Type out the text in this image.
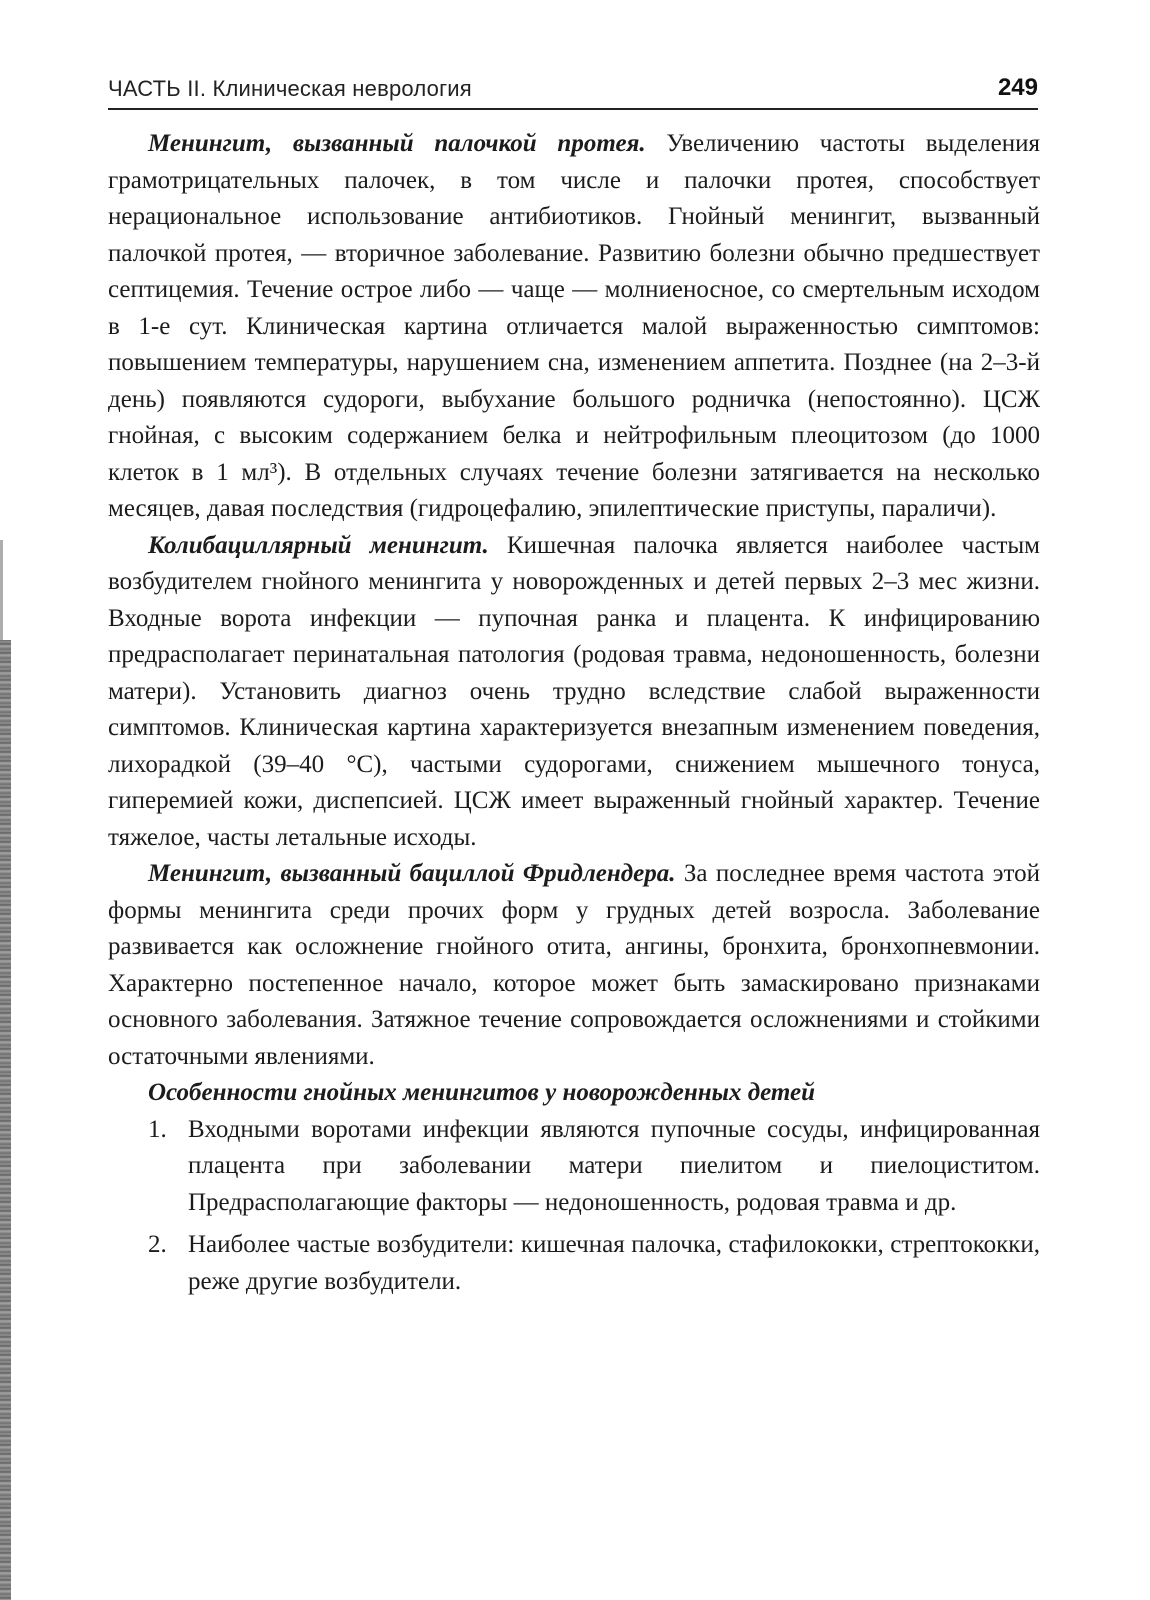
ЧАСТЬ II. Клиническая неврология	249

Менингит, вызванный палочкой протея. Увеличению частоты выделения грамотрицательных палочек, в том числе и палочки протея, способствует нерациональное использование антибиотиков. Гнойный менингит, вызванный палочкой протея, — вторичное заболевание. Развитию болезни обычно предшествует септицемия. Течение острое либо — чаще — молниеносное, со смертельным исходом в 1-е сут. Клиническая картина отличается малой выраженностью симптомов: повышением температуры, нарушением сна, изменением аппетита. Позднее (на 2–3-й день) появляются судороги, выбухание большого родничка (непостоянно). ЦСЖ гнойная, с высоким содержанием белка и нейтрофильным плеоцитозом (до 1000 клеток в 1 мл³). В отдельных случаях течение болезни затягивается на несколько месяцев, давая последствия (гидроцефалию, эпилептические приступы, параличи).

Колибациллярный менингит. Кишечная палочка является наиболее частым возбудителем гнойного менингита у новорожденных и детей первых 2–3 мес жизни. Входные ворота инфекции — пупочная ранка и плацента. К инфицированию предрасполагает перинатальная патология (родовая травма, недоношенность, болезни матери). Установить диагноз очень трудно вследствие слабой выраженности симптомов. Клиническая картина характеризуется внезапным изменением поведения, лихорадкой (39–40 °С), частыми судорогами, снижением мышечного тонуса, гиперемией кожи, диспепсией. ЦСЖ имеет выраженный гнойный характер. Течение тяжелое, часты летальные исходы.

Менингит, вызванный бациллой Фридлендера. За последнее время частота этой формы менингита среди прочих форм у грудных детей возросла. Заболевание развивается как осложнение гнойного отита, ангины, бронхита, бронхопневмонии. Характерно постепенное начало, которое может быть замаскировано признаками основного заболевания. Затяжное течение сопровождается осложнениями и стойкими остаточными явлениями.

Особенности гнойных менингитов у новорожденных детей

1. Входными воротами инфекции являются пупочные сосуды, инфицированная плацента при заболевании матери пиелитом и пиелоциститом. Предрасполагающие факторы — недоношенность, родовая травма и др.
2. Наиболее частые возбудители: кишечная палочка, стафилококки, стрептококки, реже другие возбудители.
